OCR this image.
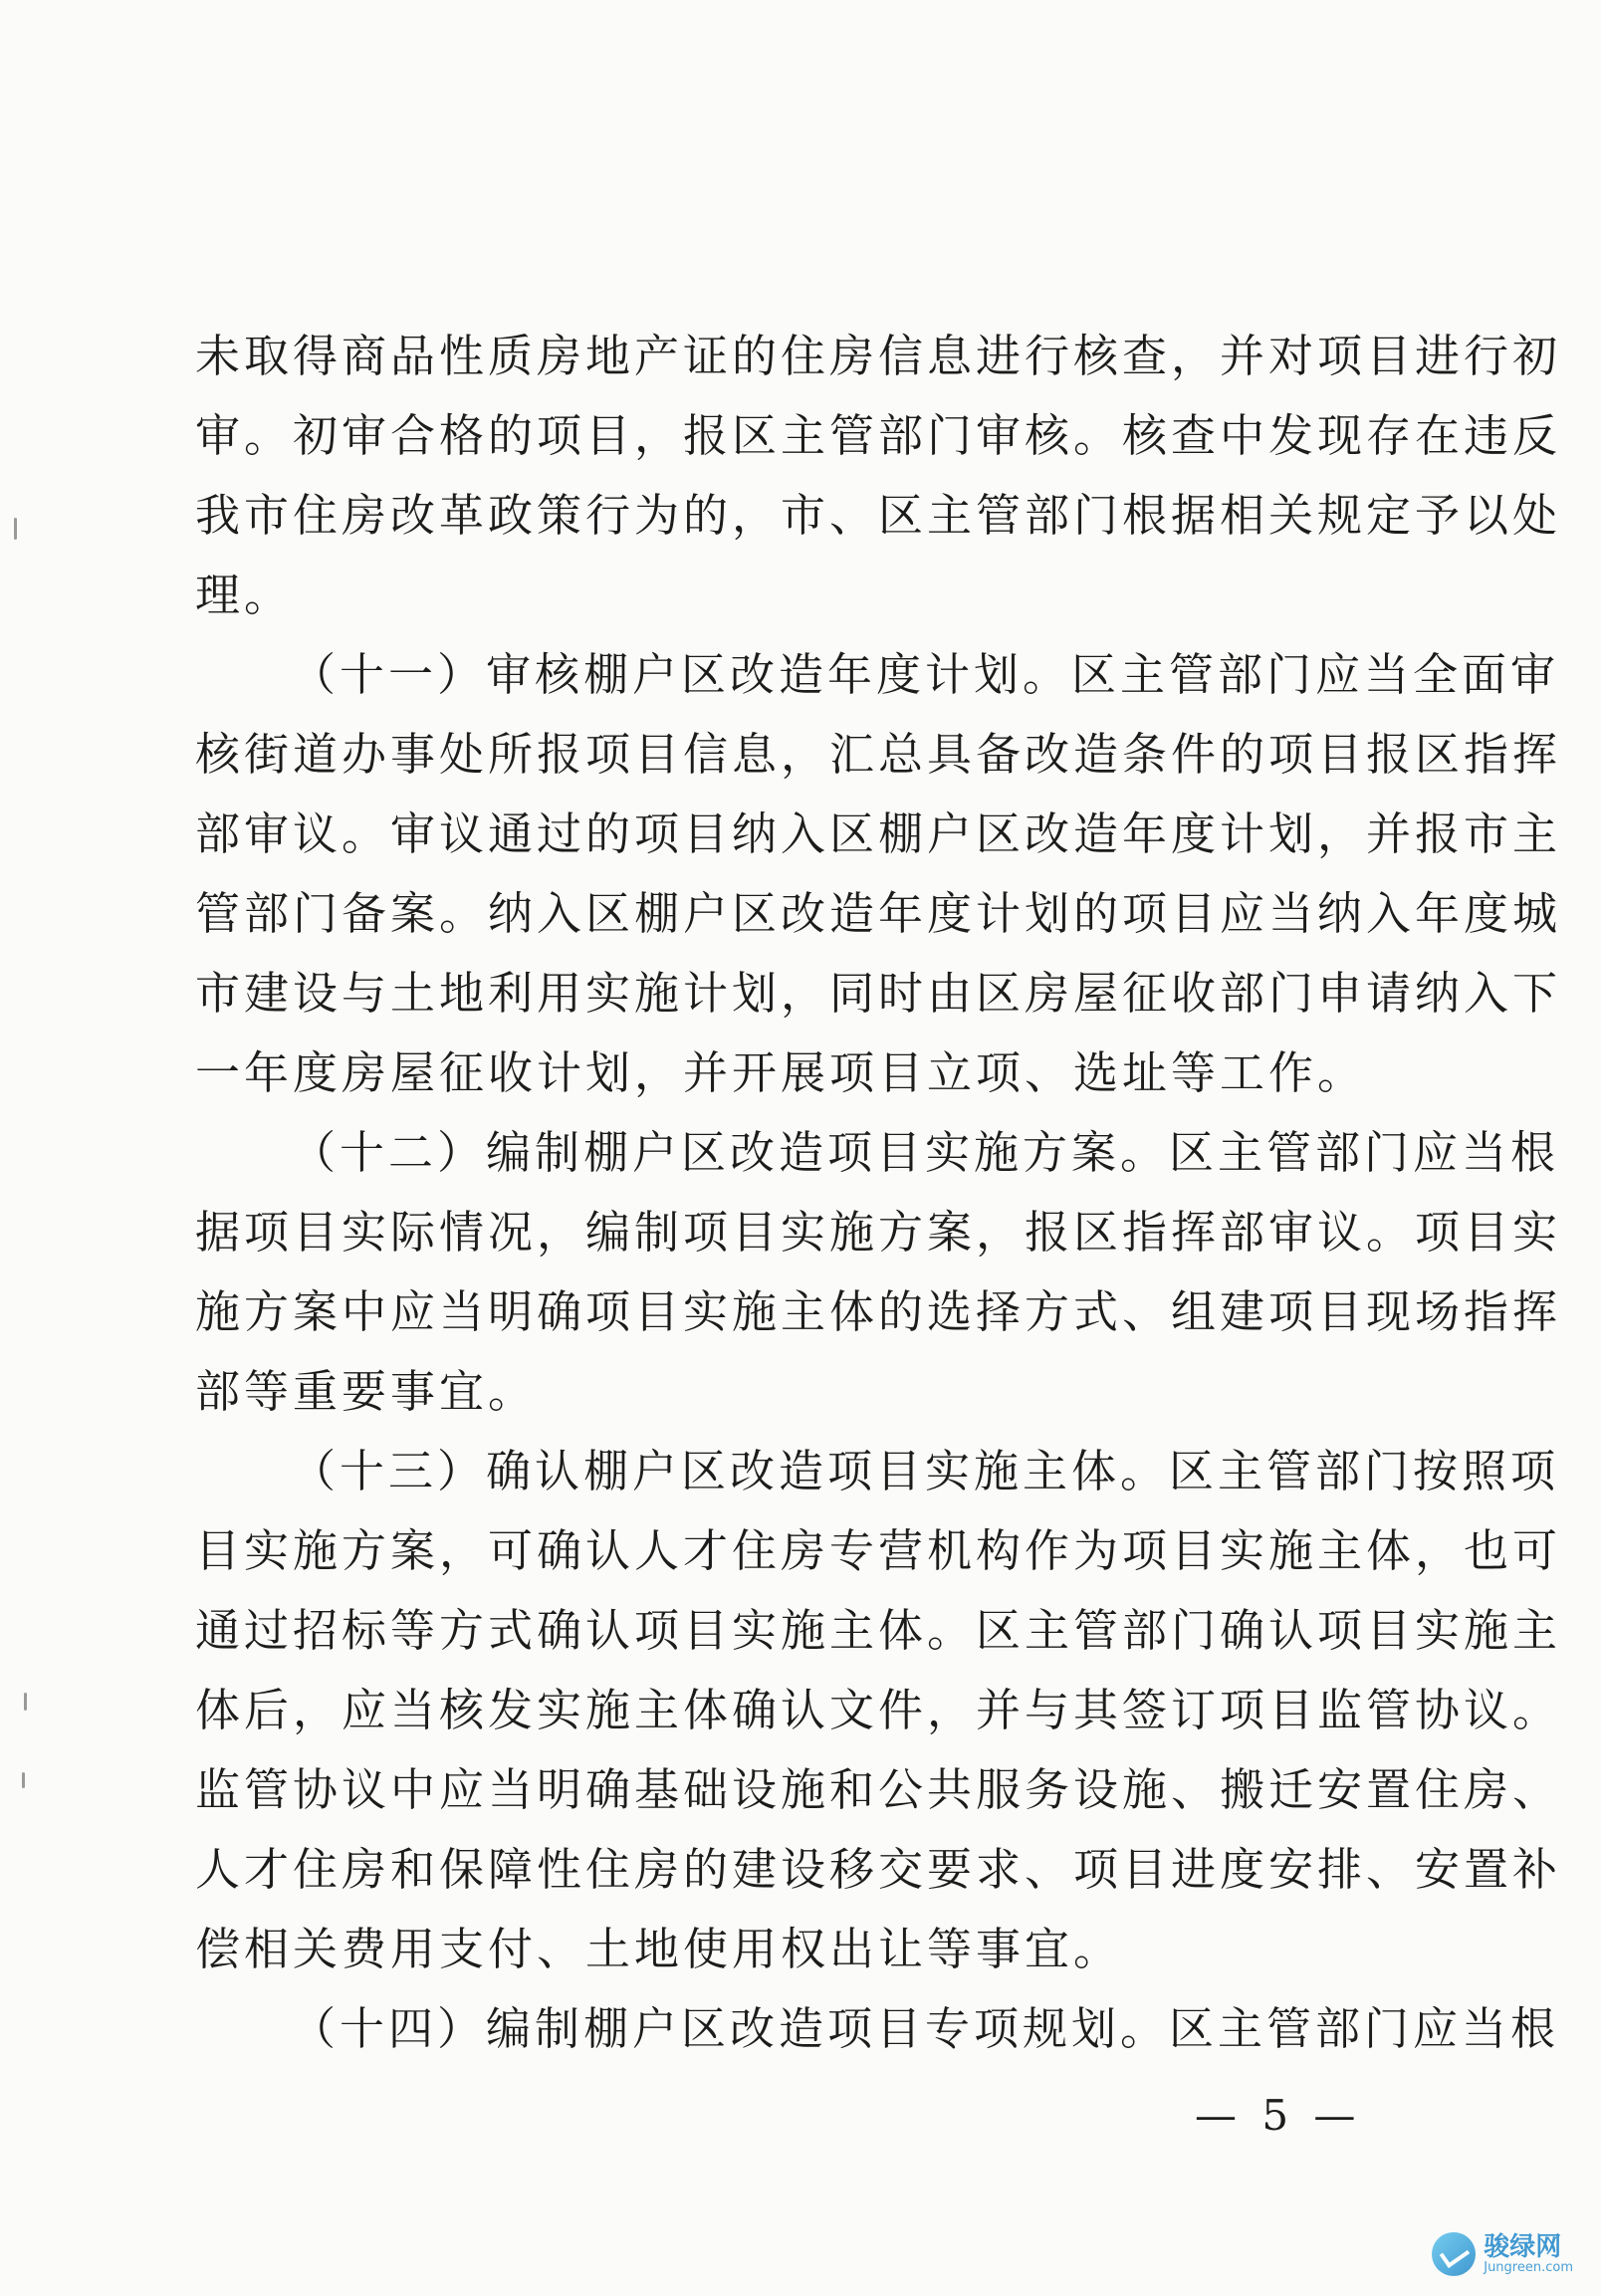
未取得商品性质房地产证的住房信息进行核查，并对项目进行初
审。初审合格的项目，报区主管部门审核。核查中发现存在违反
我市住房改革政策行为的，市、区主管部门根据相关规定予以处
理。
（十一）审核棚户区改造年度计划。区主管部门应当全面审
核街道办事处所报项目信息，汇总具备改造条件的项目报区指挥
部审议。审议通过的项目纳入区棚户区改造年度计划，并报市主
管部门备案。纳入区棚户区改造年度计划的项目应当纳入年度城
市建设与土地利用实施计划，同时由区房屋征收部门申请纳入下
一年度房屋征收计划，并开展项目立项、选址等工作。
（十二）编制棚户区改造项目实施方案。区主管部门应当根
据项目实际情况，编制项目实施方案，报区指挥部审议。项目实
施方案中应当明确项目实施主体的选择方式、组建项目现场指挥
部等重要事宜。
（十三）确认棚户区改造项目实施主体。区主管部门按照项
目实施方案，可确认人才住房专营机构作为项目实施主体，也可
通过招标等方式确认项目实施主体。区主管部门确认项目实施主
体后，应当核发实施主体确认文件，并与其签订项目监管协议。
监管协议中应当明确基础设施和公共服务设施、搬迁安置住房、
人才住房和保障性住房的建设移交要求、项目进度安排、安置补
偿相关费用支付、土地使用权出让等事宜。
（十四）编制棚户区改造项目专项规划。区主管部门应当根
— 5 —
骏绿网
Jungreen.com
